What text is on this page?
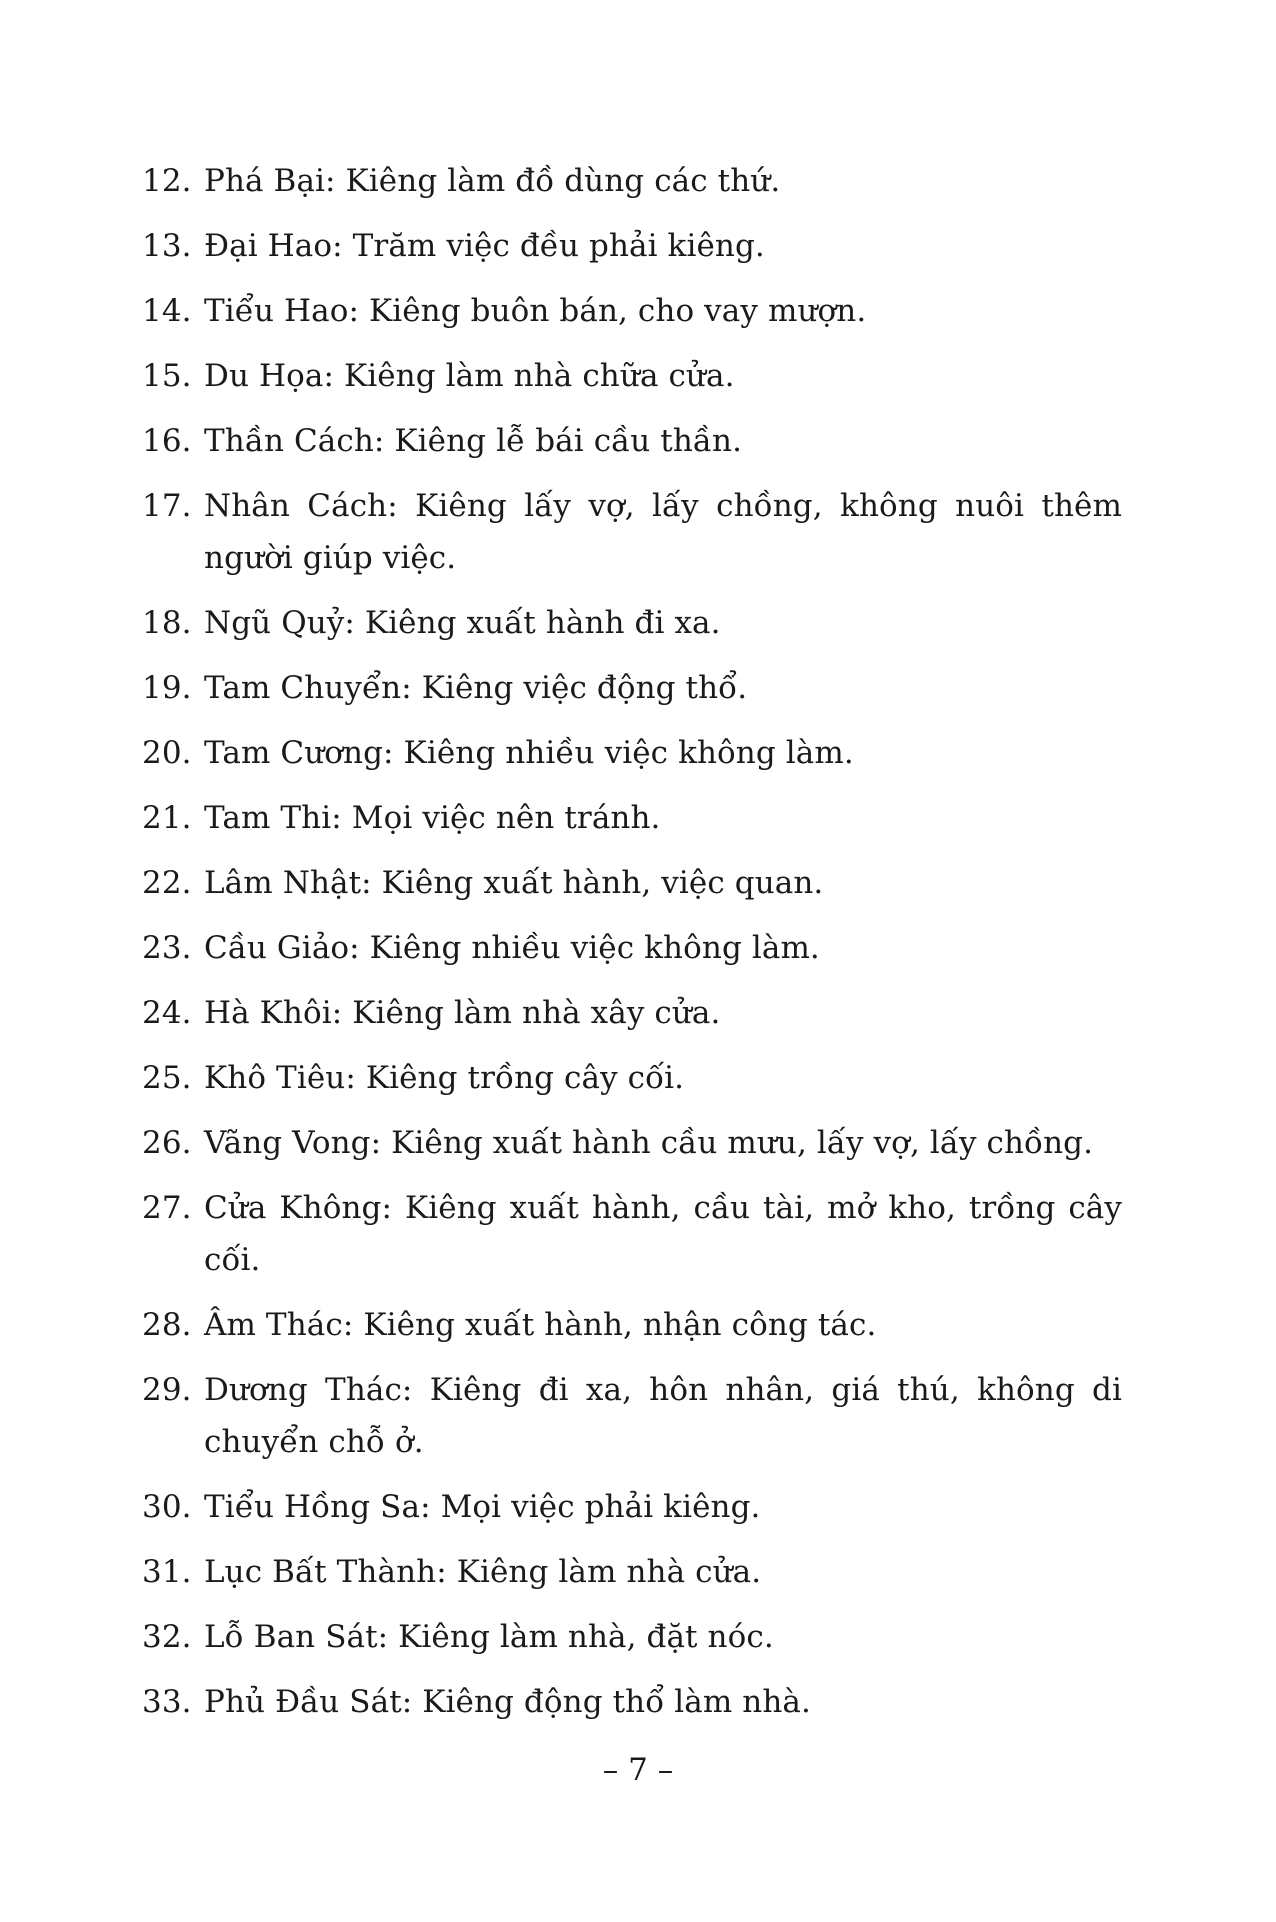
12. Phá Bại: Kiêng làm đồ dùng các thứ.
13. Đại Hao: Trăm việc đều phải kiêng.
14. Tiểu Hao: Kiêng buôn bán, cho vay mượn.
15. Du Họa: Kiêng làm nhà chữa cửa.
16. Thần Cách: Kiêng lễ bái cầu thần.
17. Nhân Cách: Kiêng lấy vợ, lấy chồng, không nuôi thêm người giúp việc.
18. Ngũ Quỷ: Kiêng xuất hành đi xa.
19. Tam Chuyển: Kiêng việc động thổ.
20. Tam Cương: Kiêng nhiều việc không làm.
21. Tam Thi: Mọi việc nên tránh.
22. Lâm Nhật: Kiêng xuất hành, việc quan.
23. Cầu Giảo: Kiêng nhiều việc không làm.
24. Hà Khôi: Kiêng làm nhà xây cửa.
25. Khô Tiêu: Kiêng trồng cây cối.
26. Vãng Vong: Kiêng xuất hành cầu mưu, lấy vợ, lấy chồng.
27. Cửa Không: Kiêng xuất hành, cầu tài, mở kho, trồng cây cối.
28. Âm Thác: Kiêng xuất hành, nhận công tác.
29. Dương Thác: Kiêng đi xa, hôn nhân, giá thú, không di chuyển chỗ ở.
30. Tiểu Hồng Sa: Mọi việc phải kiêng.
31. Lục Bất Thành: Kiêng làm nhà cửa.
32. Lỗ Ban Sát: Kiêng làm nhà, đặt nóc.
33. Phủ Đầu Sát: Kiêng động thổ làm nhà.
– 7 –
